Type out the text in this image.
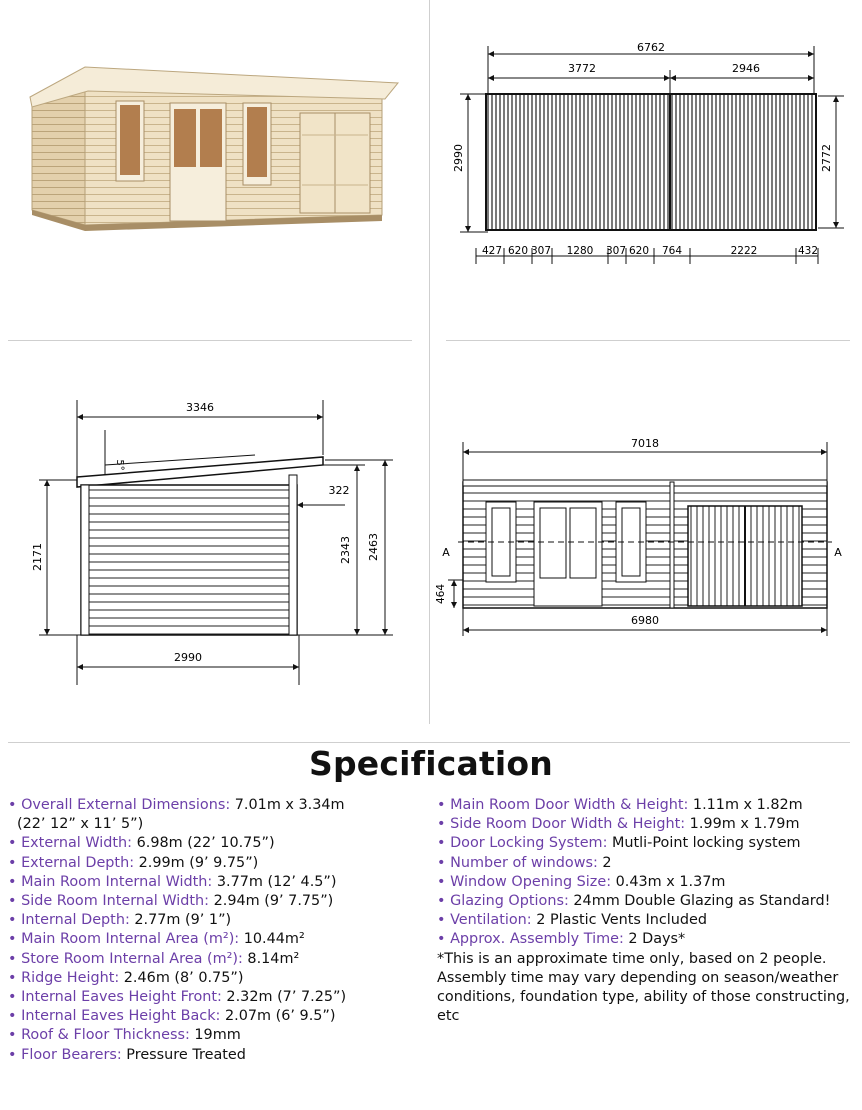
6762
3772	2946
2990	2772
427 620 307 1280 307 620 764	2222	432
3346
5°
322
2171	2343 2463
2990
7018
6980
464
A	A
Specification
• Overall External Dimensions: 7.01m x 3.34m
(22’ 12” x 11’ 5”)
• External Width: 6.98m (22’ 10.75”)
• External Depth: 2.99m (9’ 9.75”)
• Main Room Internal Width: 3.77m (12’ 4.5”)
• Side Room Internal Width: 2.94m (9’ 7.75”)
• Internal Depth: 2.77m (9’ 1”)
• Main Room Internal Area (m²): 10.44m²
• Store Room Internal Area (m²): 8.14m²
• Ridge Height: 2.46m (8’ 0.75”)
• Internal Eaves Height Front: 2.32m (7’ 7.25”)
• Internal Eaves Height Back: 2.07m (6’ 9.5”)
• Roof & Floor Thickness: 19mm
• Floor Bearers: Pressure Treated
• Main Room Door Width & Height: 1.11m x 1.82m
• Side Room Door Width & Height: 1.99m x 1.79m
• Door Locking System: Mutli-Point locking system
• Number of windows: 2
• Window Opening Size: 0.43m x 1.37m
• Glazing Options: 24mm Double Glazing as Standard!
• Ventilation: 2 Plastic Vents Included
• Approx. Assembly Time: 2 Days*
*This is an approximate time only, based on 2 people. Assembly time may vary depending on season/weather conditions, foundation type, ability of those constructing, etc
